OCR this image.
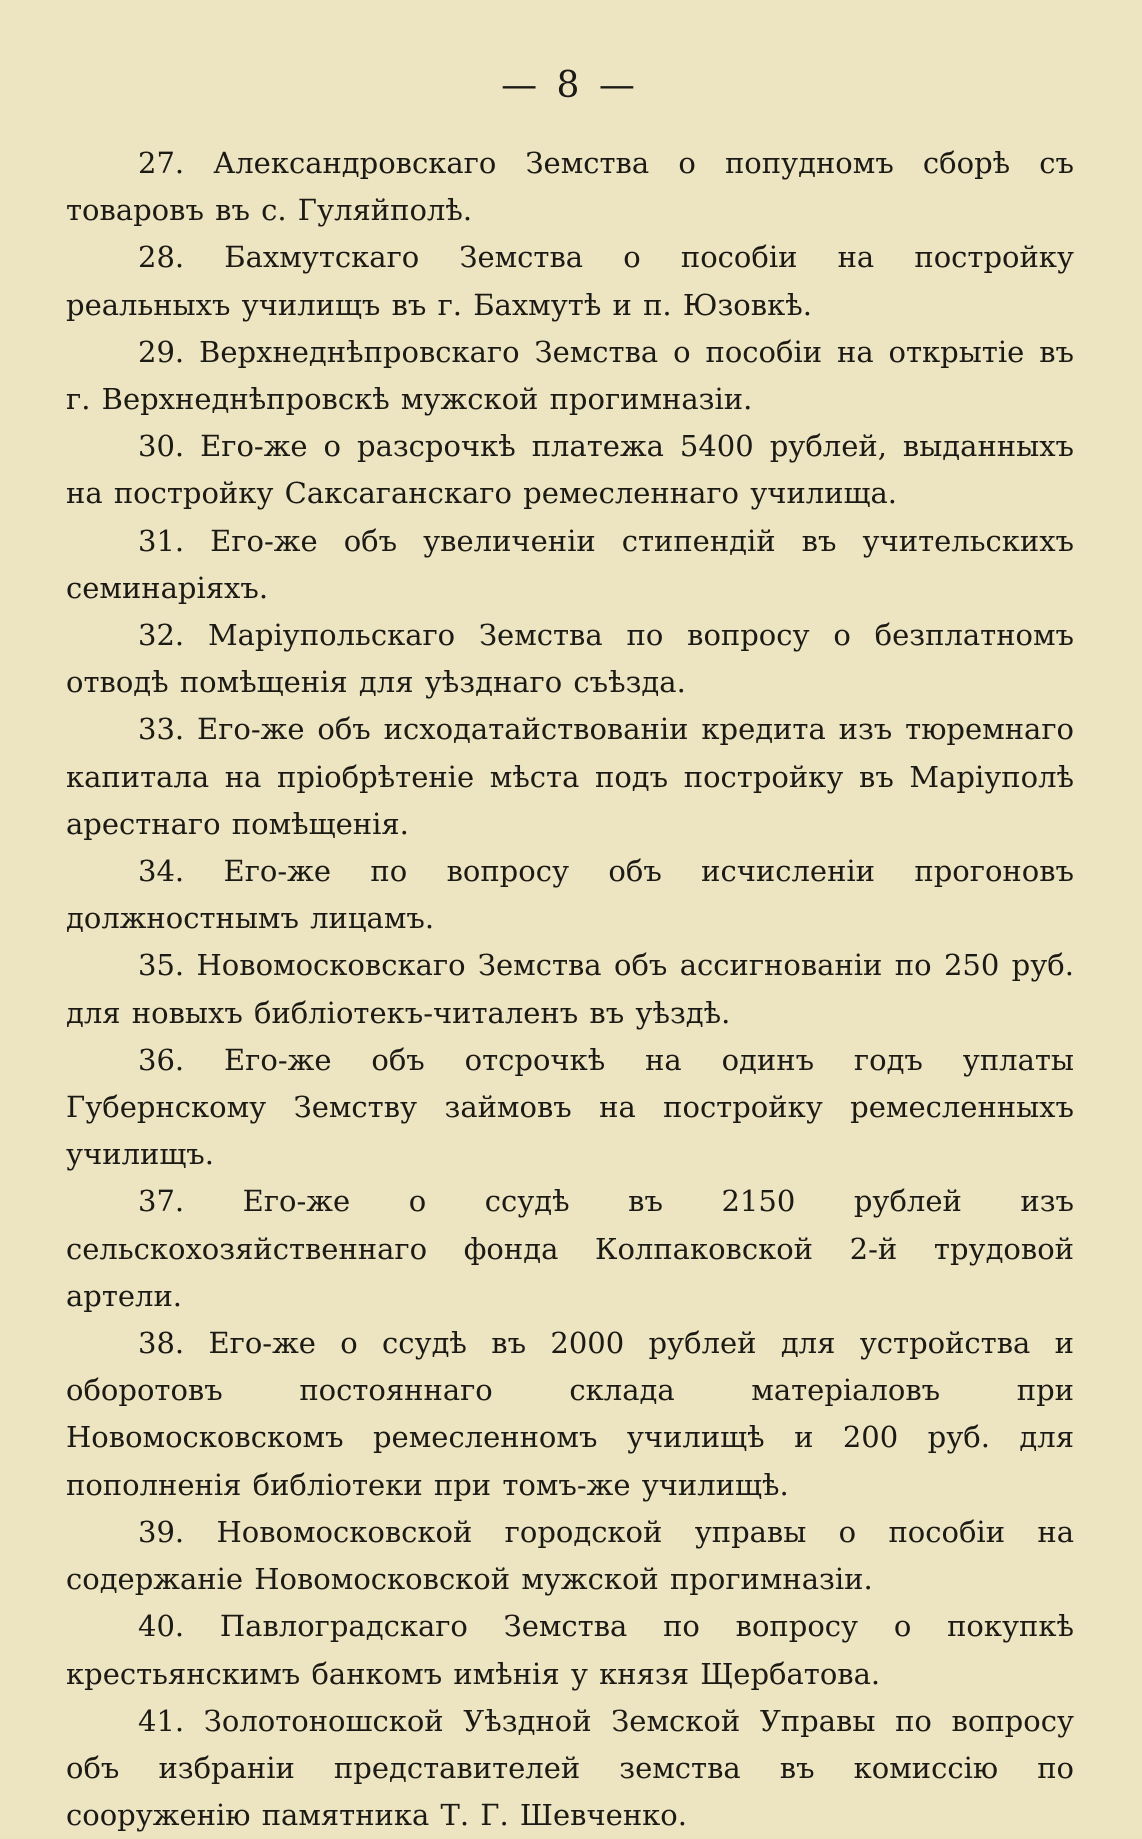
— 8 —

27. Александровскаго Земства о попудномъ сборѣ съ товаровъ въ с. Гуляйполѣ.

28. Бахмутскаго Земства о пособіи на постройку реальныхъ училищъ въ г. Бахмутѣ и п. Юзовкѣ.

29. Верхнеднѣпровскаго Земства о пособіи на открытіе въ г. Верхнеднѣпровскѣ мужской прогимназіи.

30. Его-же о разсрочкѣ платежа 5400 рублей, выданныхъ на постройку Саксаганскаго ремесленнаго училища.

31. Его-же объ увеличеніи стипендій въ учительскихъ семинаріяхъ.

32. Маріупольскаго Земства по вопросу о безплатномъ отводѣ помѣщенія для уѣзднаго съѣзда.

33. Его-же объ исходатайствованіи кредита изъ тюремнаго капитала на пріобрѣтеніе мѣста подъ постройку въ Маріуполѣ арестнаго помѣщенія.

34. Его-же по вопросу объ исчисленіи прогоновъ должностнымъ лицамъ.

35. Новомосковскаго Земства объ ассигнованіи по 250 руб. для новыхъ библіотекъ-читаленъ въ уѣздѣ.

36. Его-же объ отсрочкѣ на одинъ годъ уплаты Губернскому Земству займовъ на постройку ремесленныхъ училищъ.

37. Его-же о ссудѣ въ 2150 рублей изъ сельскохозяйственнаго фонда Колпаковской 2-й трудовой артели.

38. Его-же о ссудѣ въ 2000 рублей для устройства и оборотовъ постояннаго склада матеріаловъ при Новомосковскомъ ремесленномъ училищѣ и 200 руб. для пополненія библіотеки при томъ-же училищѣ.

39. Новомосковской городской управы о пособіи на содержаніе Новомосковской мужской прогимназіи.

40. Павлоградскаго Земства по вопросу о покупкѣ крестьянскимъ банкомъ имѣнія у князя Щербатова.

41. Золотоношской Уѣздной Земской Управы по вопросу объ избраніи представителей земства въ комиссію по сооруженію памятника Т. Г. Шевченко.
